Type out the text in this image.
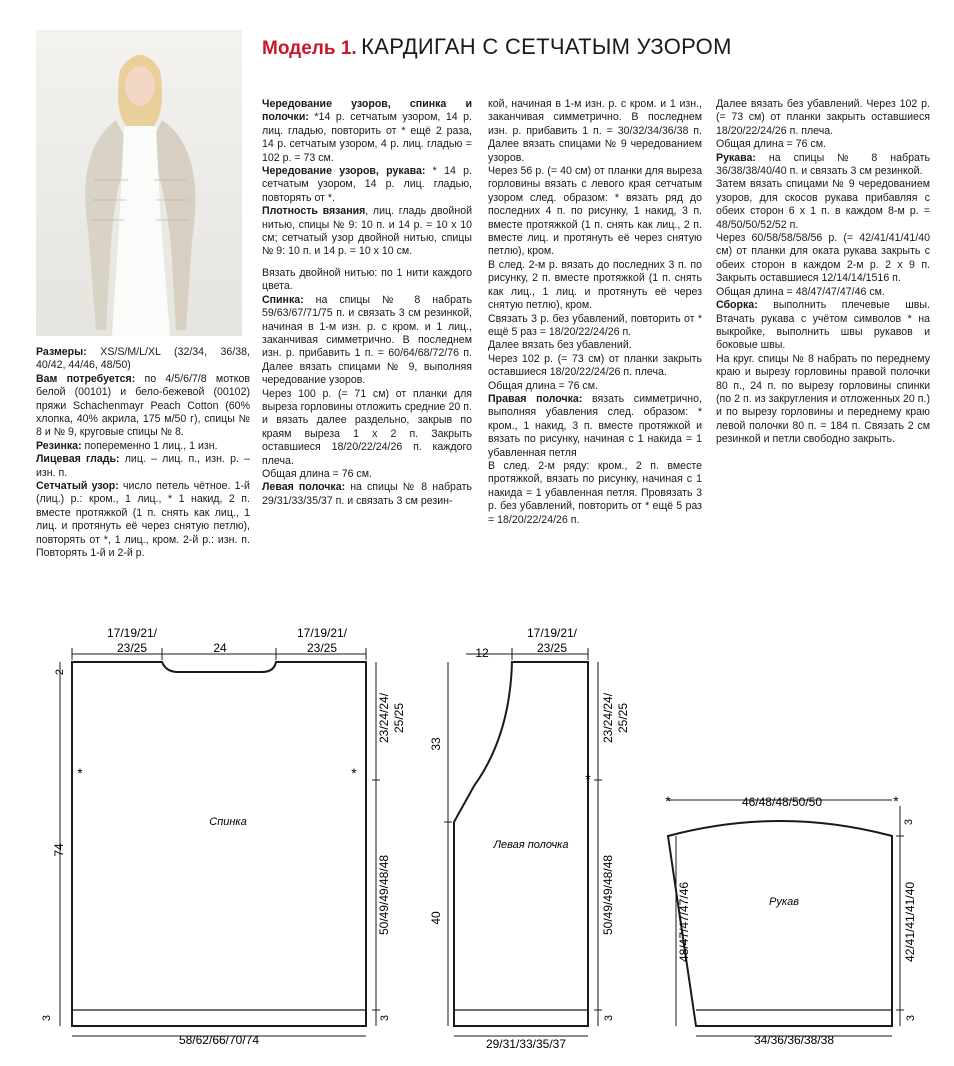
Модель 1. КАРДИГАН С СЕТЧАТЫМ УЗОРОМ

Размеры: XS/S/M/L/XL (32/34, 36/38, 40/42, 44/46, 48/50)

Вам потребуется: по 4/5/6/7/8 мотков белой (00101) и бело-бежевой (00102) пряжи Schachenmayr Peach Cotton (60% хлопка, 40% акрила, 175 м/50 г), спицы № 8 и № 9, круговые спицы № 8.

Резинка: попеременно 1 лиц., 1 изн.

Лицевая гладь: лиц. – лиц. п., изн. р. – изн. п.

Сетчатый узор: число петель чётное. 1-й (лиц.) р.: кром., 1 лиц., * 1 накид, 2 п. вместе протяжкой (1 п. снять как лиц., 1 лиц. и протянуть её через снятую петлю), повторять от *, 1 лиц., кром. 2-й р.: изн. п. Повторять 1-й и 2-й р.

Чередование узоров, спинка и полочки: *14 р. сетчатым узором, 14 р. лиц. гладью, повторить от * ещё 2 раза, 14 р. сетчатым узором, 4 р. лиц. гладью = 102 р. = 73 см.

Чередование узоров, рукава: * 14 р. сетчатым узором, 14 р. лиц. гладью, повторять от *.

Плотность вязания, лиц. гладь двойной нитью, спицы № 9: 10 п. и 14 р. = 10 x 10 см; сетчатый узор двойной нитью, спицы № 9: 10 п. и 14 р. = 10 x 10 см.

Вязать двойной нитью: по 1 нити каждого цвета.

Спинка: на спицы № 8 набрать 59/63/67/71/75 п. и связать 3 см резинкой, начиная в 1-м изн. р. с кром. и 1 лиц., заканчивая симметрично. В последнем изн. р. прибавить 1 п. = 60/64/68/72/76 п. Далее вязать спицами № 9, выполняя чередование узоров.

Через 100 р. (= 71 см) от планки для выреза горловины отложить средние 20 п. и вязать далее раздельно, закрыв по краям выреза 1 х 2 п. Закрыть оставшиеся 18/20/22/24/26 п. каждого плеча.

Общая длина = 76 см.

Левая полочка: на спицы № 8 набрать 29/31/33/35/37 п. и связать 3 см резин-

кой, начиная в 1-м изн. р. с кром. и 1 изн., заканчивая симметрично. В последнем изн. р. прибавить 1 п. = 30/32/34/36/38 п. Далее вязать спицами № 9 чередованием узоров.

Через 56 р. (= 40 см) от планки для выреза горловины вязать с левого края сетчатым узором след. образом: * вязать ряд до последних 4 п. по рисунку, 1 накид, 3 п. вместе протяжкой (1 п. снять как лиц., 2 п. вместе лиц. и протянуть её через снятую петлю), кром.

В след. 2-м р. вязать до последних 3 п. по рисунку, 2 п. вместе протяжкой (1 п. снять как лиц., 1 лиц. и протянуть её через снятую петлю), кром.

Связать 3 р. без убавлений, повторить от * ещё 5 раз = 18/20/22/24/26 п.

Далее вязать без убавлений.

Через 102 р. (= 73 см) от планки закрыть оставшиеся 18/20/22/24/26 п. плеча.

Общая длина = 76 см.

Правая полочка: вязать симметрично, выполняя убавления след. образом: * кром., 1 накид, 3 п. вместе протяжкой и вязать по рисунку, начиная с 1 накида = 1 убавленная петля

В след. 2-м ряду: кром., 2 п. вместе протяжкой, вязать по рисунку, начиная с 1 накида = 1 убавленная петля. Провязать 3 р. без убавлений, повторить от * ещё 5 раз = 18/20/22/24/26 п.

Далее вязать без убавлений. Через 102 р. (= 73 см) от планки закрыть оставшиеся 18/20/22/24/26 п. плеча.

Общая длина = 76 см.

Рукава: на спицы № 8 набрать 36/38/38/40/40 п. и связать 3 см резинкой.

Затем вязать спицами № 9 чередованием узоров, для скосов рукава прибавляя с обеих сторон 6 х 1 п. в каждом 8-м р. = 48/50/50/52/52 п.

Через 60/58/58/58/56 р. (= 42/41/41/41/40 см) от планки для оката рукава закрыть с обеих сторон в каждом 2-м р. 2 х 9 п. Закрыть оставшиеся 12/14/14/1516 п.

Общая длина = 48/47/47/47/46 см.

Сборка: выполнить плечевые швы. Втачать рукава с учётом символов * на выкройке, выполнить швы рукавов и боковые швы.

На круг. спицы № 8 набрать по переднему краю и вырезу горловины правой полочки 80 п., 24 п. по вырезу горловины спинки (по 2 п. из закругления и отложенных 20 п.) и по вырезу горловины и переднему краю левой полочки 80 п. = 184 п. Связать 2 см резинкой и петли свободно закрыть.

17/19/21/
23/25	24
17/19/21/
23/25
Спинка
*	*
74
2
23/24/24/ 25/25
50/49/49/48/48
3
3
58/62/66/70/74
12
17/19/21/
23/25
Левая полочка
*
33
40
23/24/24/ 25/25
50/49/49/48/48
3
29/31/33/35/37
46/48/48/50/50
Рукав
*	*
3
48/47/47/47/46	42/41/41/41/40
3
34/36/36/38/38
